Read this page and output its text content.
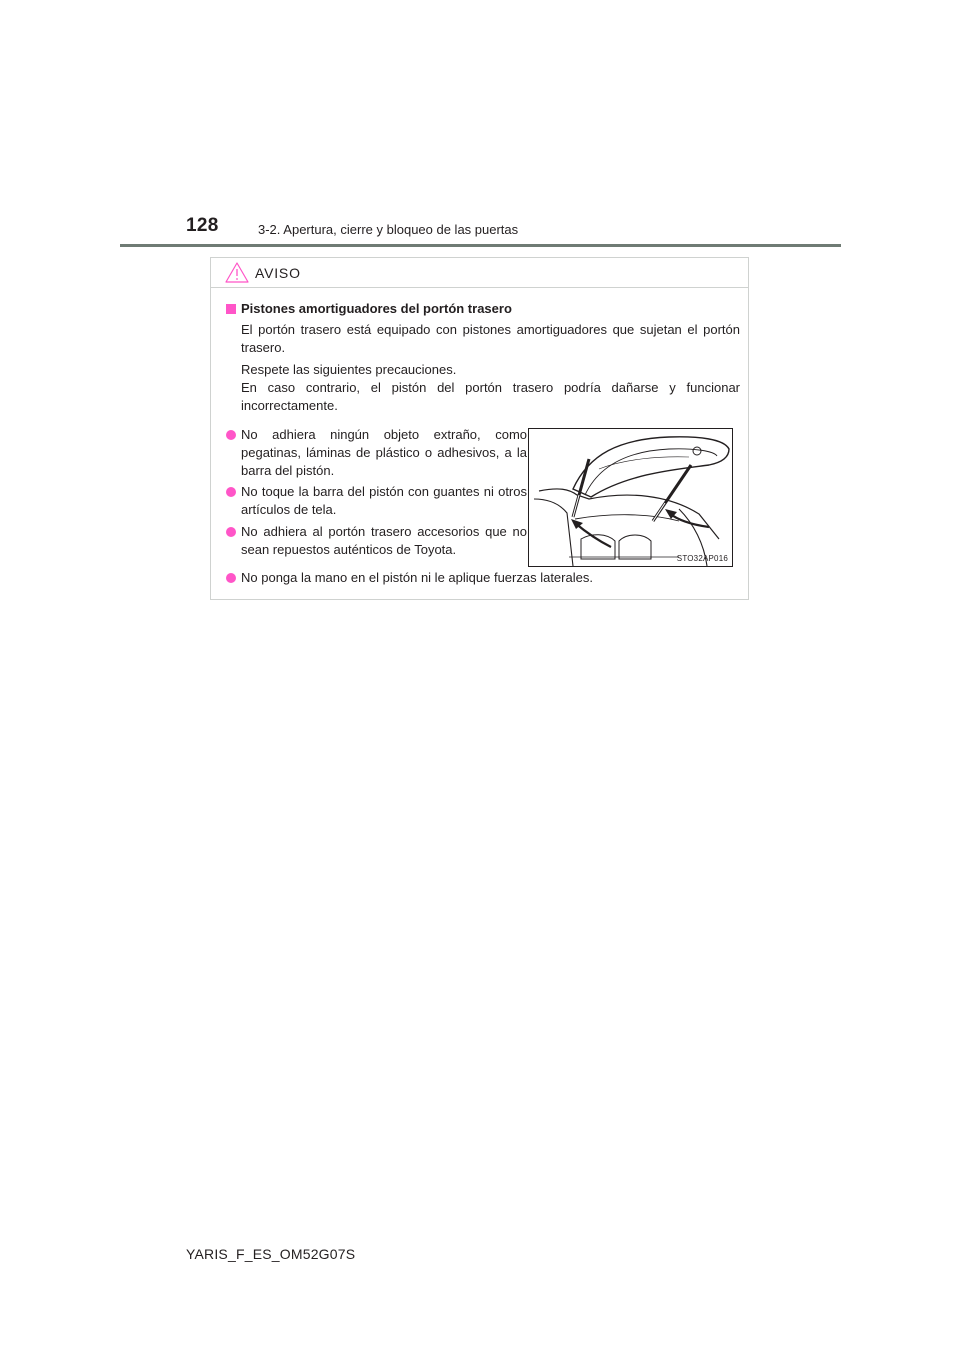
128	3-2. Apertura, cierre y bloqueo de las puertas
AVISO
Pistones amortiguadores del portón trasero
El portón trasero está equipado con pistones amortiguadores que sujetan el portón trasero.
Respete las siguientes precauciones.
En caso contrario, el pistón del portón trasero podría dañarse y funcionar incorrectamente.
No adhiera ningún objeto extraño, como pegatinas, láminas de plástico o adhesivos, a la barra del pistón.
No toque la barra del pistón con guantes ni otros artículos de tela.
No adhiera al portón trasero accesorios que no sean repuestos auténticos de Toyota.
STO32AP016
No ponga la mano en el pistón ni le aplique fuerzas laterales.
YARIS_F_ES_OM52G07S
